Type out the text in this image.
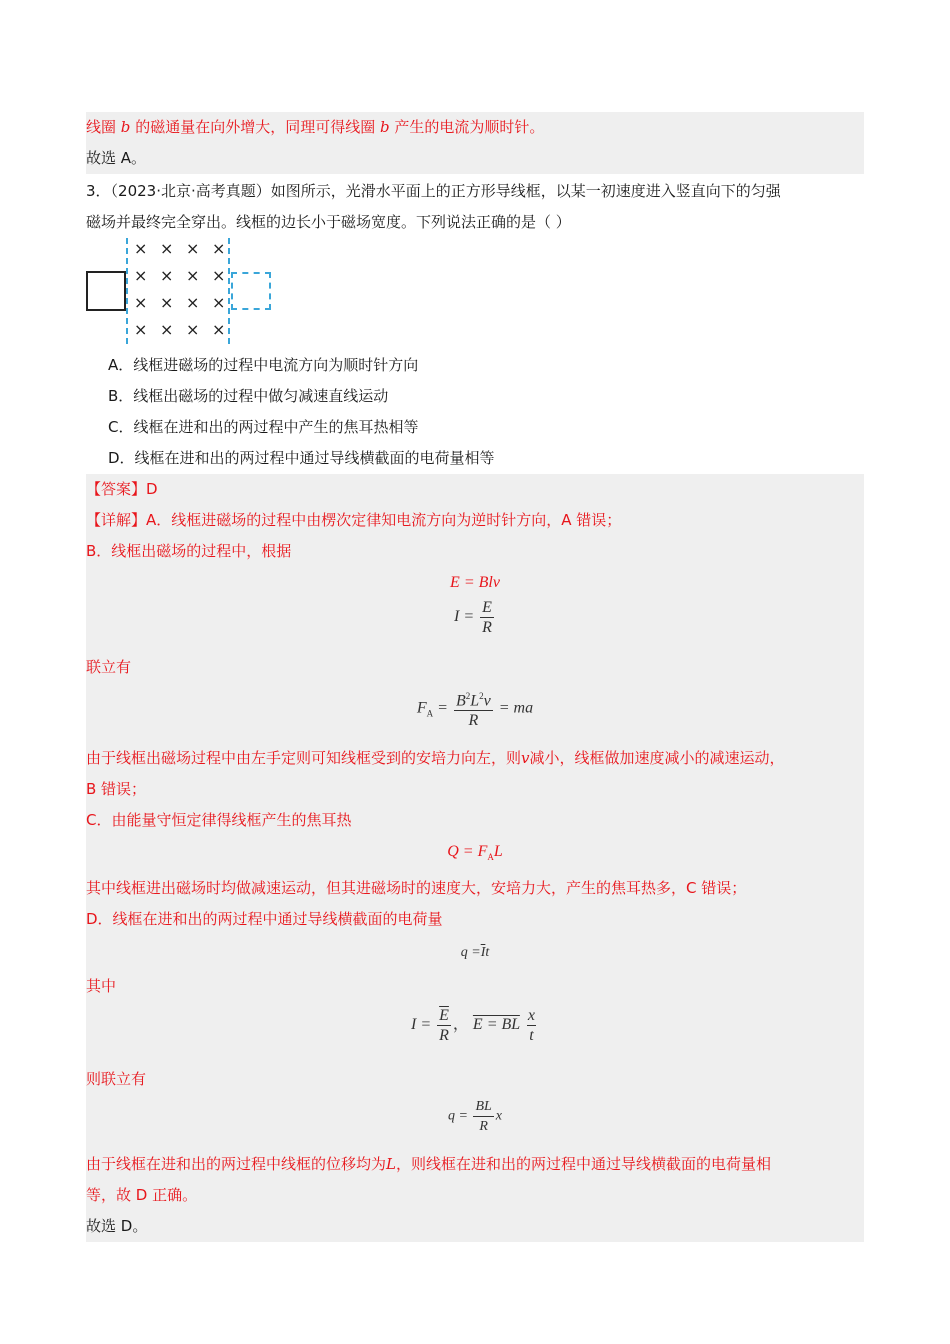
线圈 b 的磁通量在向外增大，同理可得线圈 b 产生的电流为顺时针。
故选 A。
3．（2023·北京·高考真题）如图所示，光滑水平面上的正方形导线框，以某一初速度进入竖直向下的匀强
磁场并最终完全穿出。线框的边长小于磁场宽度。下列说法正确的是（ ）
× × × ×
× × × ×
× × × ×
× × × ×
A．线框进磁场的过程中电流方向为顺时针方向
B．线框出磁场的过程中做匀减速直线运动
C．线框在进和出的两过程中产生的焦耳热相等
D．线框在进和出的两过程中通过导线横截面的电荷量相等
【答案】D
【详解】A．线框进磁场的过程中由楞次定律知电流方向为逆时针方向，A 错误；
B．线框出磁场的过程中，根据
E = Blv
$I = \frac{E}{R}$
联立有
$F_A = \frac{B^2L^2v}{R}$ = ma
由于线框出磁场过程中由左手定则可知线框受到的安培力向左，则v减小，线框做加速度减小的减速运动，
B 错误；
C．由能量守恒定律得线框产生的焦耳热
$Q = F_AL$
其中线框进出磁场时均做减速运动，但其进磁场时的速度大，安培力大，产生的焦耳热多，C 错误；
D．线框在进和出的两过程中通过导线横截面的电荷量
$q =\overline{I}t$
其中
$I = \frac{\overline{E}}{R}$ ， E = BL $\frac{x}{t}$
则联立有
$q = \frac{BL}{R}$ x
由于线框在进和出的两过程中线框的位移均为L，则线框在进和出的两过程中通过导线横截面的电荷量相
等，故 D 正确。
故选 D。
